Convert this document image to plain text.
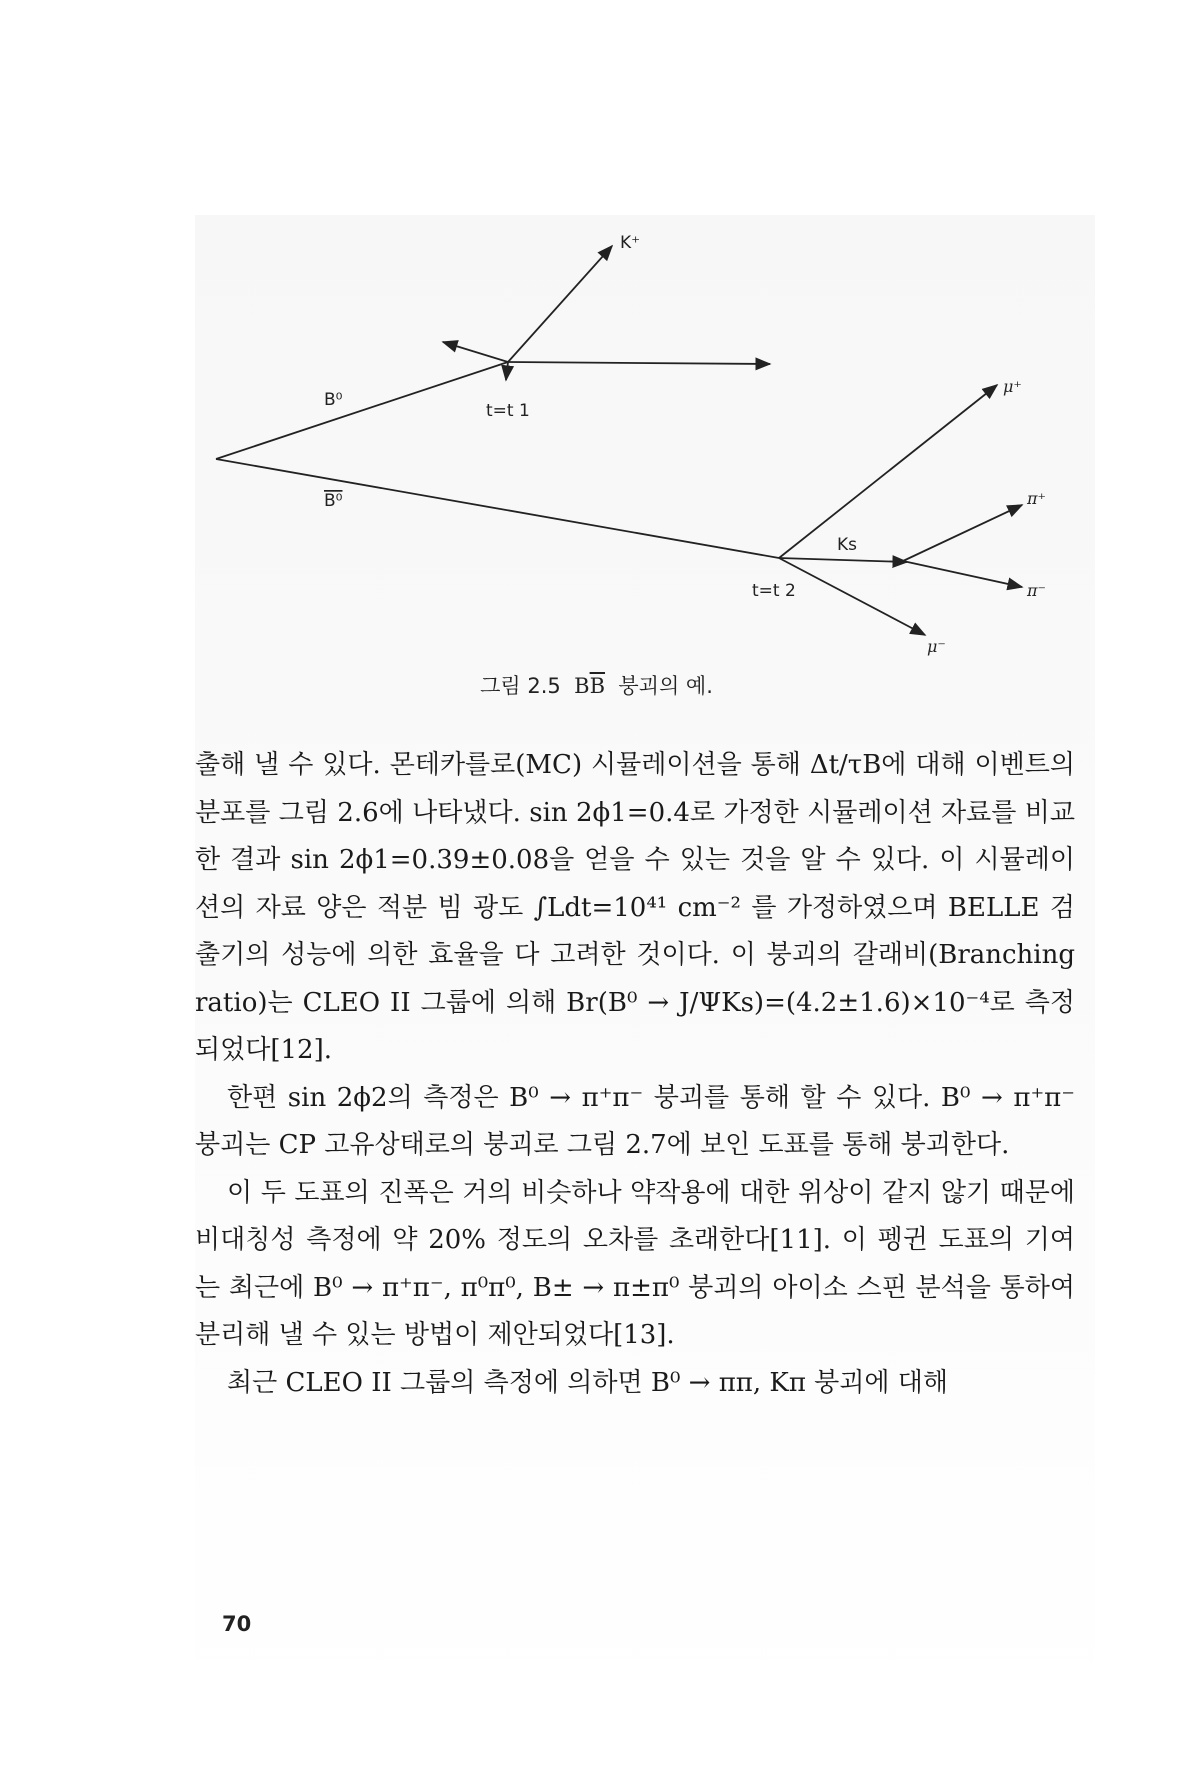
K⁺
B⁰
B⁰
t=t 1
t=t 2
Ks
μ⁺
μ⁻
π⁺
π⁻
그림 2.5 $B\overline{B}$ 붕괴의 예.

출해 낼 수 있다. 몬테카를로(MC) 시뮬레이션을 통해 Δt/τB에 대해 이벤트의 분포를 그림 2.6에 나타냈다. sin 2ϕ1=0.4로 가정한 시뮬레이션 자료를 비교한 결과 sin 2ϕ1=0.39±0.08을 얻을 수 있는 것을 알 수 있다. 이 시뮬레이션의 자료 양은 적분 빔 광도 ∫Ldt=10⁴¹ cm⁻² 를 가정하였으며 BELLE 검출기의 성능에 의한 효율을 다 고려한 것이다. 이 붕괴의 갈래비(Branching ratio)는 CLEO II 그룹에 의해 Br(B⁰ → J/ΨKs)=(4.2±1.6)×10⁻⁴로 측정되었다[12].

한편 sin 2ϕ2의 측정은 B⁰ → π⁺π⁻ 붕괴를 통해 할 수 있다. B⁰ → π⁺π⁻ 붕괴는 CP 고유상태로의 붕괴로 그림 2.7에 보인 도표를 통해 붕괴한다.

이 두 도표의 진폭은 거의 비슷하나 약작용에 대한 위상이 같지 않기 때문에 비대칭성 측정에 약 20% 정도의 오차를 초래한다[11]. 이 펭귄 도표의 기여는 최근에 B⁰ → π⁺π⁻, π⁰π⁰, B± → π±π⁰ 붕괴의 아이소 스핀 분석을 통하여 분리해 낼 수 있는 방법이 제안되었다[13].

최근 CLEO II 그룹의 측정에 의하면 B⁰ → ππ, Kπ 붕괴에 대해

70
